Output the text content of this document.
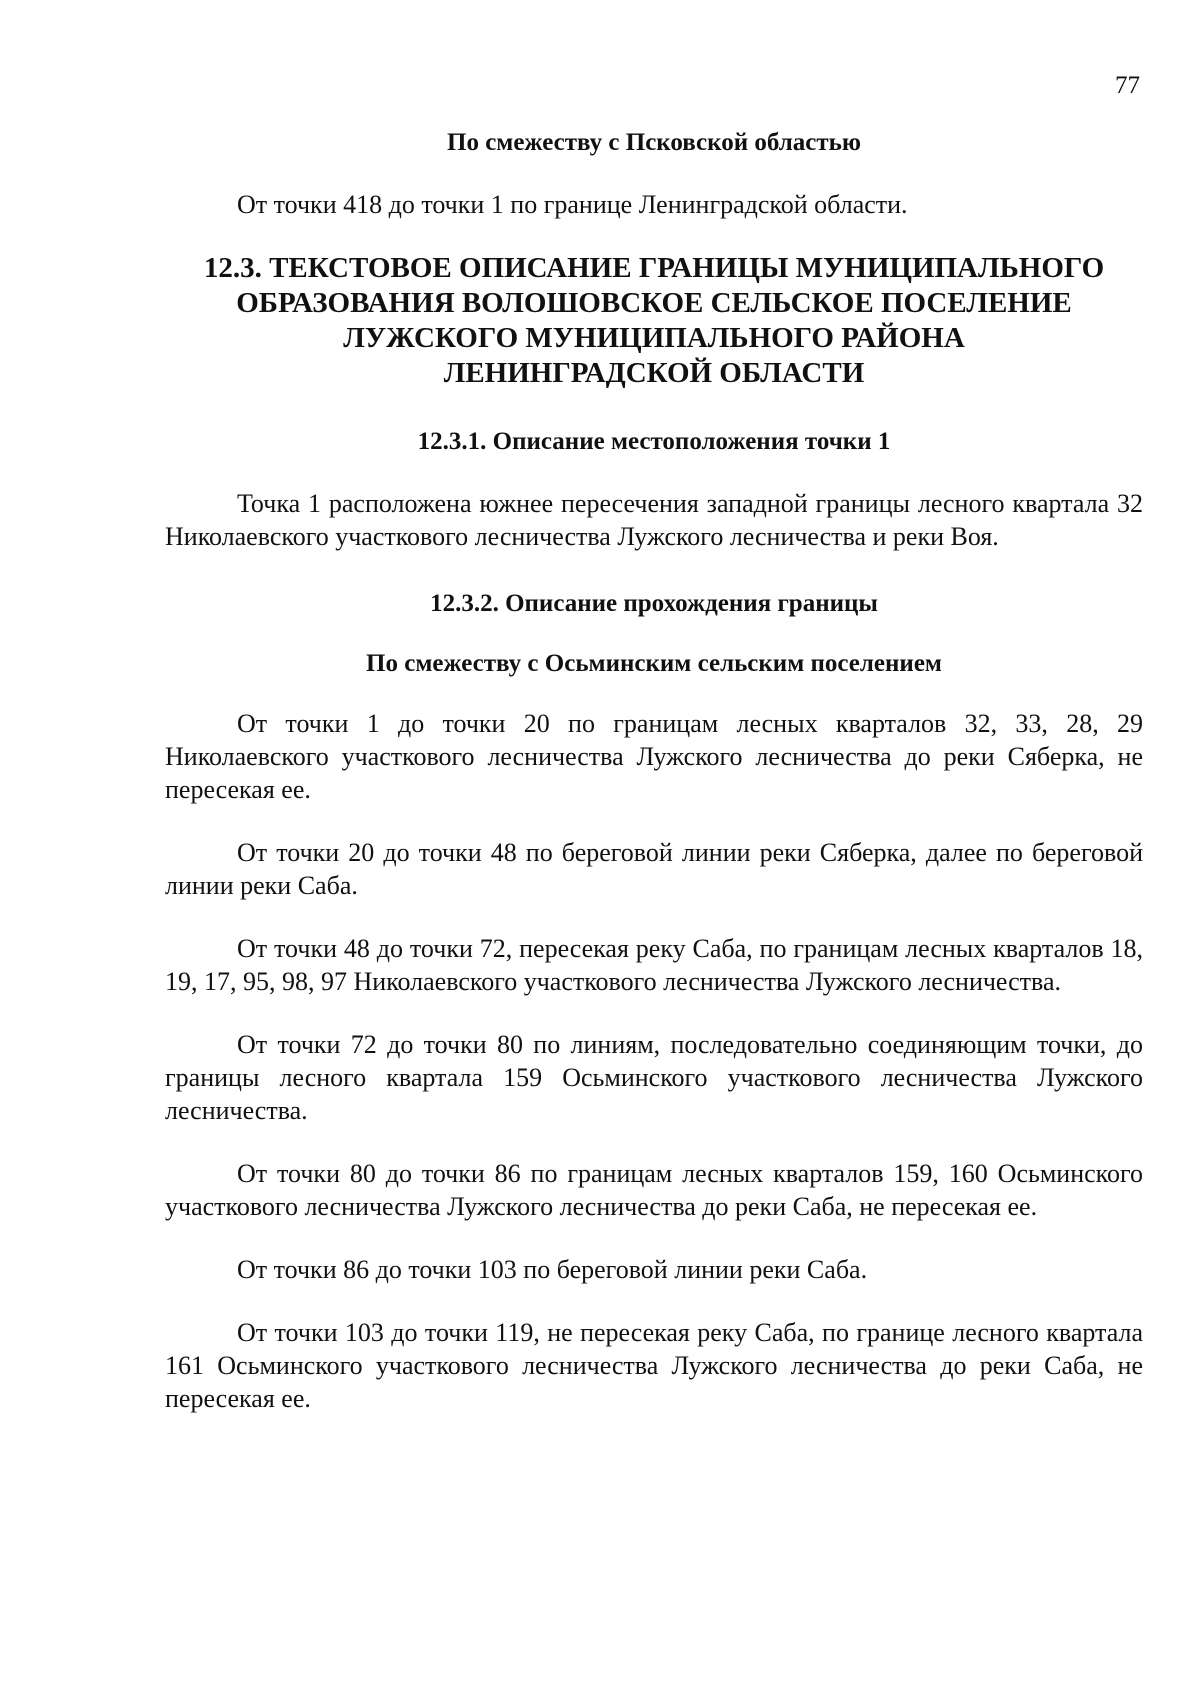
77
По смежеству с Псковской областью

От точки 418 до точки 1 по границе Ленинградской области.

12.3. ТЕКСТОВОЕ ОПИСАНИЕ ГРАНИЦЫ МУНИЦИПАЛЬНОГО
ОБРАЗОВАНИЯ ВОЛОШОВСКОЕ СЕЛЬСКОЕ ПОСЕЛЕНИЕ
ЛУЖСКОГО МУНИЦИПАЛЬНОГО РАЙОНА
ЛЕНИНГРАДСКОЙ ОБЛАСТИ
12.3.1. Описание местоположения точки 1

Точка 1 расположена южнее пересечения западной границы лесного квартала 32 Николаевского участкового лесничества Лужского лесничества и реки Воя.

12.3.2. Описание прохождения границы
По смежеству с Осьминским сельским поселением

От точки 1 до точки 20 по границам лесных кварталов 32, 33, 28, 29 Николаевского участкового лесничества Лужского лесничества до реки Сяберка, не пересекая ее.

От точки 20 до точки 48 по береговой линии реки Сяберка, далее по береговой линии реки Саба.

От точки 48 до точки 72, пересекая реку Саба, по границам лесных кварталов 18, 19, 17, 95, 98, 97 Николаевского участкового лесничества Лужского лесничества.

От точки 72 до точки 80 по линиям, последовательно соединяющим точки, до границы лесного квартала 159 Осьминского участкового лесничества Лужского лесничества.

От точки 80 до точки 86 по границам лесных кварталов 159, 160 Осьминского участкового лесничества Лужского лесничества до реки Саба, не пересекая ее.

От точки 86 до точки 103 по береговой линии реки Саба.

От точки 103 до точки 119, не пересекая реку Саба, по границе лесного квартала 161 Осьминского участкового лесничества Лужского лесничества до реки Саба, не пересекая ее.
